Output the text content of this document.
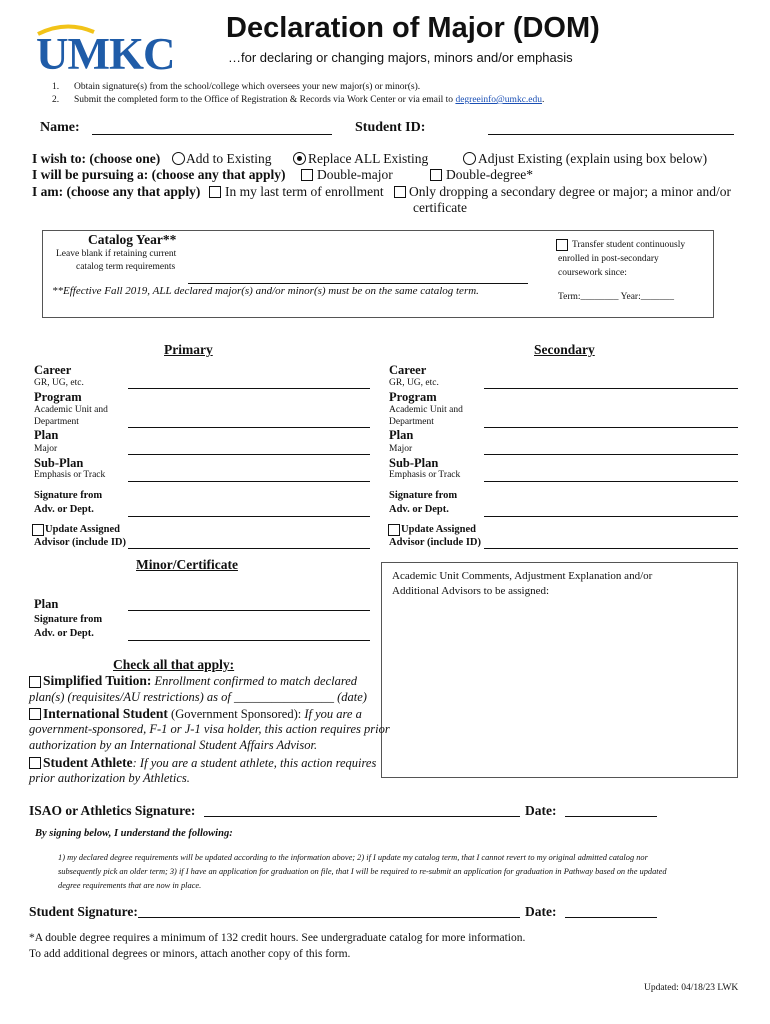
UMKC
Declaration of Major (DOM)
…for declaring or changing majors, minors and/or emphasis
1. Obtain signature(s) from the school/college which oversees your new major(s) or minor(s).
2. Submit the completed form to the Office of Registration & Records via Work Center or via email to degreeinfo@umkc.edu.
Name:	Student ID:
I wish to: (choose one) Add to Existing	Replace ALL Existing	Adjust Existing (explain using box below)
I will be pursuing a: (choose any that apply) Double-major	Double-degree*
I am: (choose any that apply) In my last term of enrollment Only dropping a secondary degree or major; a minor and/or
certificate
Catalog Year**
Leave blank if retaining current
catalog term requirements
**Effective Fall 2019, ALL declared major(s) and/or minor(s) must be on the same catalog term.
Transfer student continuously
enrolled in post-secondary
coursework since:
Term:________ Year:_______
Primary	Secondary
Career
GR, UG, etc.
Program
Academic Unit and
Department
Plan
Major
Sub-Plan
Emphasis or Track
Signature from
Adv. or Dept.
Update Assigned
Advisor (include ID)
Career
GR, UG, etc.
Program
Academic Unit and
Department
Plan
Major
Sub-Plan
Emphasis or Track
Signature from
Adv. or Dept.
Update Assigned
Advisor (include ID)
Minor/Certificate
Plan
Signature from
Adv. or Dept.
Academic Unit Comments, Adjustment Explanation and/or
Additional Advisors to be assigned:
Check all that apply:
Simplified Tuition: Enrollment confirmed to match declared
plan(s) (requisites/AU restrictions) as of ________________ (date)
International Student (Government Sponsored): If you are a
government-sponsored, F-1 or J-1 visa holder, this action requires prior
authorization by an International Student Affairs Advisor.
Student Athlete: If you are a student athlete, this action requires
prior authorization by Athletics.
ISAO or Athletics Signature:	Date:
By signing below, I understand the following:
1) my declared degree requirements will be updated according to the information above; 2) if I update my catalog term, that I cannot revert to my original admitted catalog nor
subsequently pick an older term; 3) if I have an application for graduation on file, that I will be required to re-submit an application for graduation in Pathway based on the updated
degree requirements that are now in place.
Student Signature:	Date:
*A double degree requires a minimum of 132 credit hours. See undergraduate catalog for more information.
To add additional degrees or minors, attach another copy of this form.
Updated: 04/18/23 LWK
